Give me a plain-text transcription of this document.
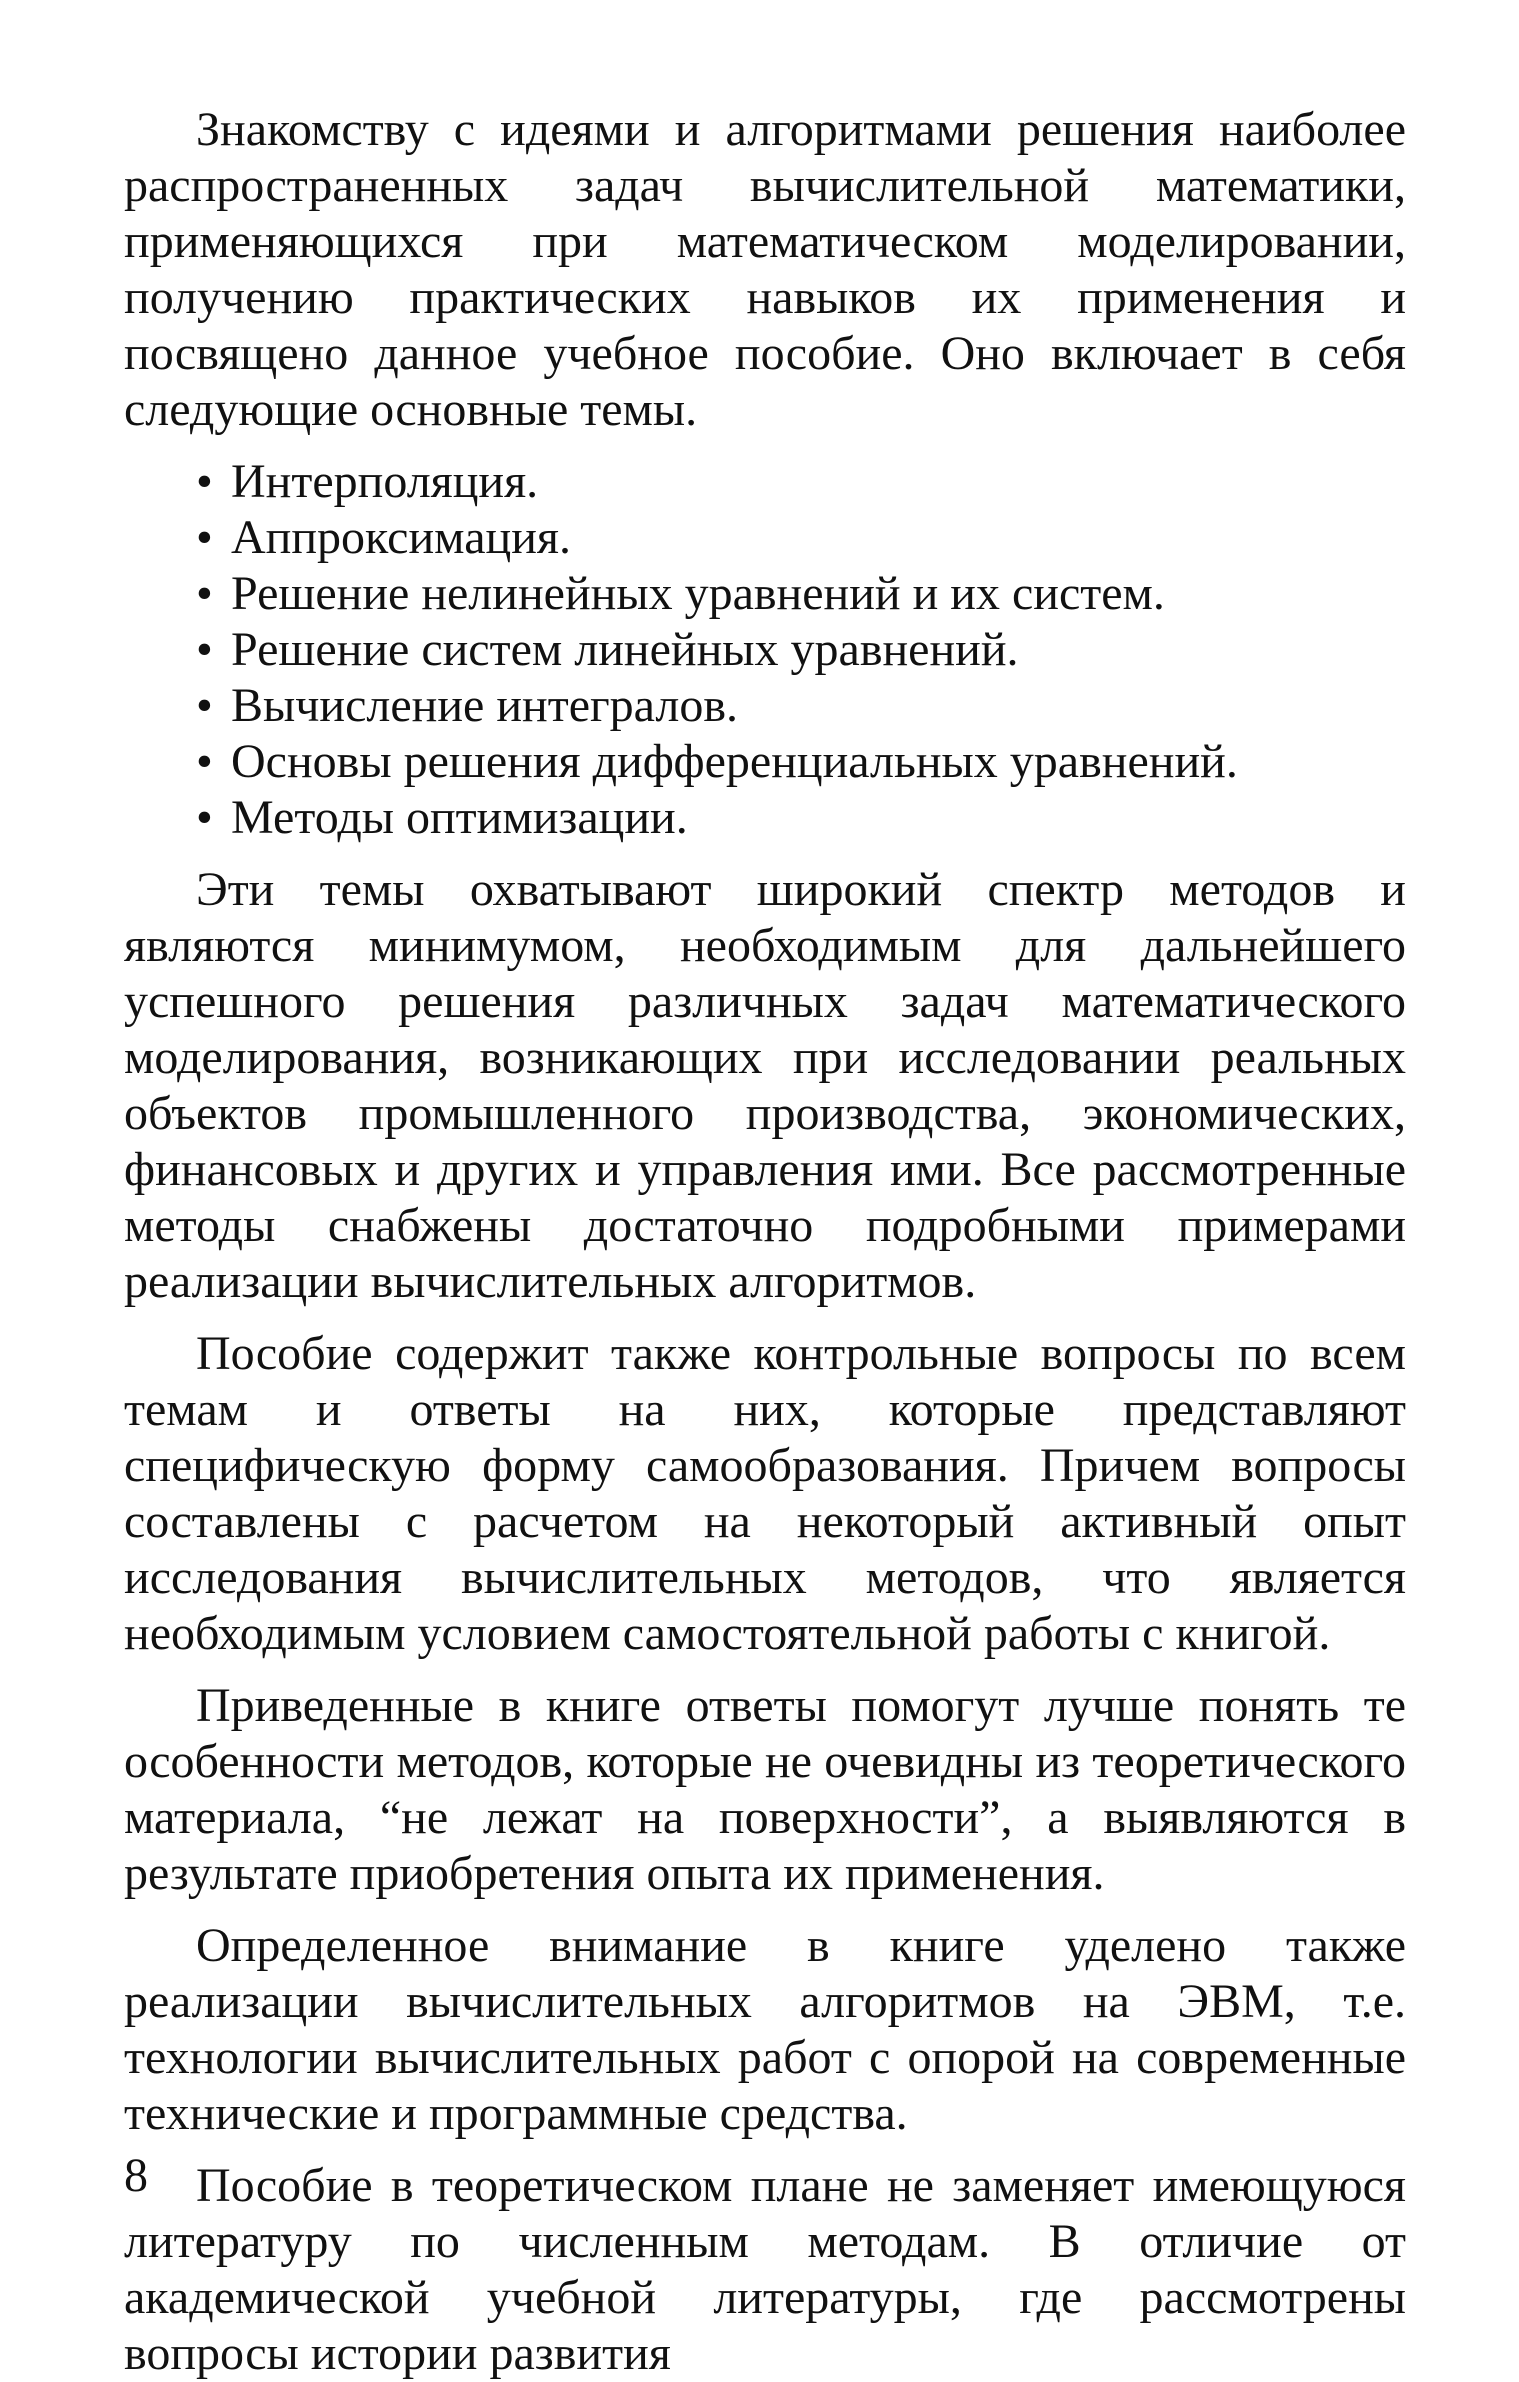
Знакомству с идеями и алгоритмами решения наиболее распространенных задач вычислительной математики, применяющихся при математическом моделировании, получению практических навыков их применения и посвящено данное учебное пособие. Оно включает в себя следующие основные темы.

• Интерполяция.
• Аппроксимация.
• Решение нелинейных уравнений и их систем.
• Решение систем линейных уравнений.
• Вычисление интегралов.
• Основы решения дифференциальных уравнений.
• Методы оптимизации.

Эти темы охватывают широкий спектр методов и являются минимумом, необходимым для дальнейшего успешного решения различных задач математического моделирования, возникающих при исследовании реальных объектов промышленного производства, экономических, финансовых и других и управления ими. Все рассмотренные методы снабжены достаточно подробными примерами реализации вычислительных алгоритмов.

Пособие содержит также контрольные вопросы по всем темам и ответы на них, которые представляют специфическую форму самообразования. Причем вопросы составлены с расчетом на некоторый активный опыт исследования вычислительных методов, что является необходимым условием самостоятельной работы с книгой.

Приведенные в книге ответы помогут лучше понять те особенности методов, которые не очевидны из теоретического материала, “не лежат на поверхности”, а выявляются в результате приобретения опыта их применения.

Определенное внимание в книге уделено также реализации вычислительных алгоритмов на ЭВМ, т.е. технологии вычислительных работ с опорой на современные технические и программные средства.

Пособие в теоретическом плане не заменяет имеющуюся литературу по численным методам. В отличие от академической учебной литературы, где рассмотрены вопросы истории развития

8
